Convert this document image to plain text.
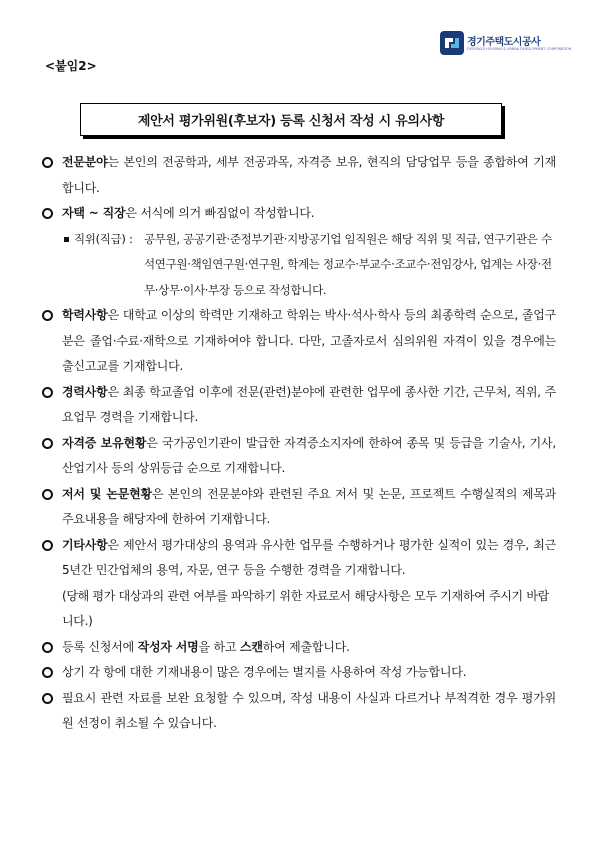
경기주택도시공사
GYEONGGI HOUSING & URBAN DEVELOPMENT CORPORATION
<붙임2>
제안서 평가위원(후보자) 등록 신청서 작성 시 유의사항
전문분야는 본인의 전공학과, 세부 전공과목, 자격증 보유, 현직의 담당업무 등을 종합하여 기재합니다.
자택 ~ 직장은 서식에 의거 빠짐없이 작성합니다.
직위(직급) : 공무원, 공공기관·준정부기관·지방공기업 임직원은 해당 직위 및 직급, 연구기관은 수석연구원·책임연구원·연구원, 학계는 정교수·부교수·조교수·전임강사, 업계는 사장·전무·상무·이사·부장 등으로 작성합니다.
학력사항은 대학교 이상의 학력만 기재하고 학위는 박사·석사·학사 등의 최종학력 순으로, 졸업구분은 졸업·수료·재학으로 기재하여야 합니다. 다만, 고졸자로서 심의위원 자격이 있을 경우에는 출신고교를 기재합니다.
경력사항은 최종 학교졸업 이후에 전문(관련)분야에 관련한 업무에 종사한 기간, 근무처, 직위, 주요업무 경력을 기재합니다.
자격증 보유현황은 국가공인기관이 발급한 자격증소지자에 한하여 종목 및 등급을 기술사, 기사, 산업기사 등의 상위등급 순으로 기재합니다.
저서 및 논문현황은 본인의 전문분야와 관련된 주요 저서 및 논문, 프로젝트 수행실적의 제목과 주요내용을 해당자에 한하여 기재합니다.
기타사항은 제안서 평가대상의 용역과 유사한 업무를 수행하거나 평가한 실적이 있는 경우, 최근 5년간 민간업체의 용역, 자문, 연구 등을 수행한 경력을 기재합니다.
(당해 평가 대상과의 관련 여부를 파악하기 위한 자료로서 해당사항은 모두 기재하여 주시기 바랍니다.)
등록 신청서에 작성자 서명을 하고 스캔하여 제출합니다.
상기 각 항에 대한 기재내용이 많은 경우에는 별지를 사용하여 작성 가능합니다.
필요시 관련 자료를 보완 요청할 수 있으며, 작성 내용이 사실과 다르거나 부적격한 경우 평가위원 선정이 취소될 수 있습니다.
